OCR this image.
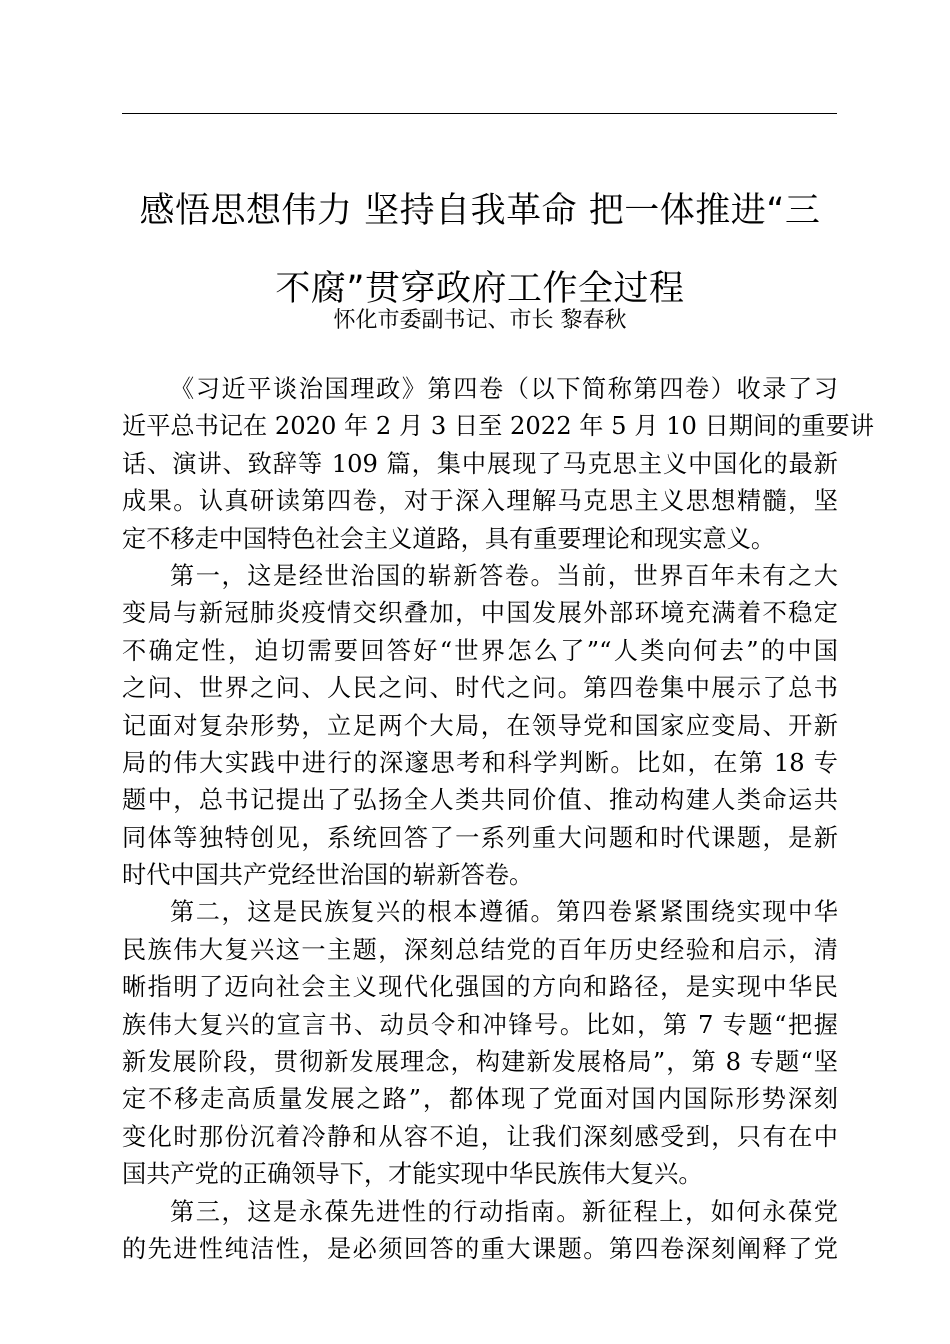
感悟思想伟力 坚持自我革命 把一体推进“三
不腐”贯穿政府工作全过程
怀化市委副书记、市长 黎春秋
《习近平谈治国理政》第四卷（以下简称第四卷）收录了习
近平总书记在 2020 年 2 月 3 日至 2022 年 5 月 10 日期间的重要讲
话、演讲、致辞等 109 篇，集中展现了马克思主义中国化的最新
成果。认真研读第四卷，对于深入理解马克思主义思想精髓，坚
定不移走中国特色社会主义道路，具有重要理论和现实意义。
第一，这是经世治国的崭新答卷。当前，世界百年未有之大
变局与新冠肺炎疫情交织叠加，中国发展外部环境充满着不稳定
不确定性，迫切需要回答好“世界怎么了”“人类向何去”的中国
之问、世界之问、人民之问、时代之问。第四卷集中展示了总书
记面对复杂形势，立足两个大局，在领导党和国家应变局、开新
局的伟大实践中进行的深邃思考和科学判断。比如，在第 18 专
题中，总书记提出了弘扬全人类共同价值、推动构建人类命运共
同体等独特创见，系统回答了一系列重大问题和时代课题，是新
时代中国共产党经世治国的崭新答卷。
第二，这是民族复兴的根本遵循。第四卷紧紧围绕实现中华
民族伟大复兴这一主题，深刻总结党的百年历史经验和启示，清
晰指明了迈向社会主义现代化强国的方向和路径，是实现中华民
族伟大复兴的宣言书、动员令和冲锋号。比如，第 7 专题“把握
新发展阶段，贯彻新发展理念，构建新发展格局”，第 8 专题“坚
定不移走高质量发展之路”，都体现了党面对国内国际形势深刻
变化时那份沉着冷静和从容不迫，让我们深刻感受到，只有在中
国共产党的正确领导下，才能实现中华民族伟大复兴。
第三，这是永葆先进性的行动指南。新征程上，如何永葆党
的先进性纯洁性，是必须回答的重大课题。第四卷深刻阐释了党
